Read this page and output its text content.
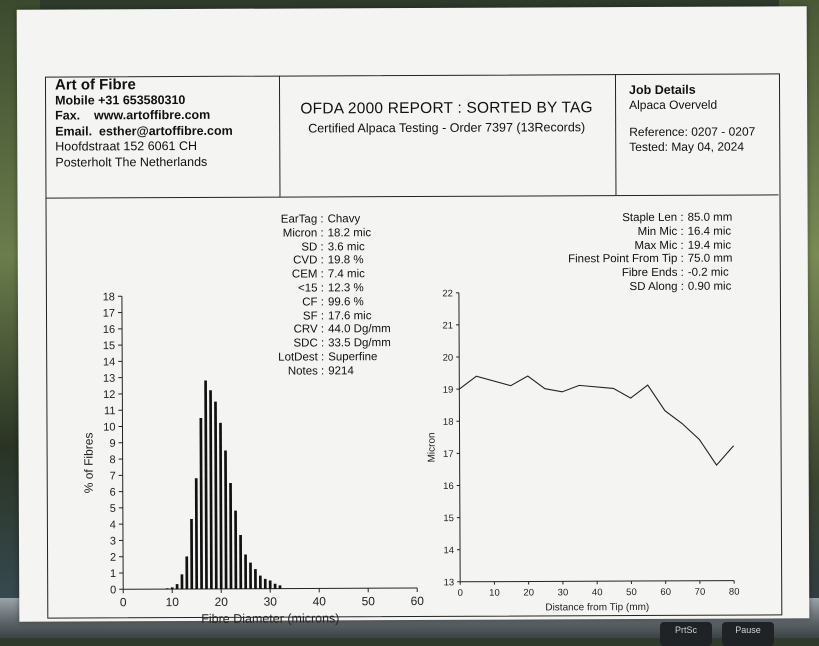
PrtSc	Pause
Art of Fibre
Mobile +31 653580310
Fax.    www.artoffibre.com
Email.  esther@artoffibre.com
Hoofdstraat 152 6061 CH
Posterholt The Netherlands
OFDA 2000 REPORT : SORTED BY TAG
Certified Alpaca Testing - Order 7397 (13Records)
Job Details
Alpaca Overveld
Reference: 0207 - 0207
Tested: May 04, 2024
EarTag : Chavy
Micron : 18.2 mic
SD : 3.6 mic
CVD : 19.8 %
CEM : 7.4 mic
<15 : 12.3 %
CF : 99.6 %
SF : 17.6 mic
CRV : 44.0 Dg/mm
SDC : 33.5 Dg/mm
LotDest : Superfine
Notes : 9214
Staple Len : 85.0 mm
Min Mic : 16.4 mic
Max Mic : 19.4 mic
Finest Point From Tip : 75.0 mm
Fibre Ends : -0.2 mic
SD Along : 0.90 mic
0
1
2
3
4
5
6
7
8
9
10
11
12
13
14
15
16
17
18
0	10	20	30	40	50	60
Fibre Diameter (microns)
% of Fibres
13
14
15
16
17
18
19
20
21
22
0	10 20 30 40 50 60 70 80
Distance from Tip (mm)
Micron
